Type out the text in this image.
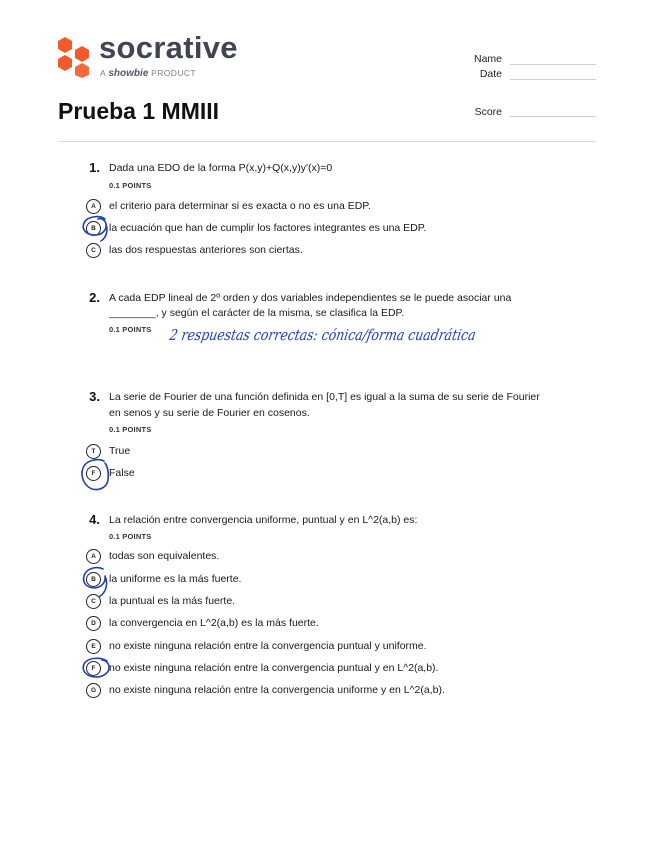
socrative
A showbie PRODUCT
Name
Date
Prueba 1 MMIII	Score
1. Dada una EDO de la forma P(x,y)+Q(x,y)y'(x)=0
0.1 POINTS
A	el criterio para determinar si es exacta o no es una EDP.
B	la ecuación que han de cumplir los factores integrantes es una EDP.
C	las dos respuestas anteriores son ciertas.
2. A cada EDP lineal de 2º orden y dos variables independientes se le puede asociar una
________, y según el carácter de la misma, se clasifica la EDP.
0.1 POINTS 2 respuestas correctas: cónica/forma cuadrática
3. La serie de Fourier de una función definida en [0,T] es igual a la suma de su serie de Fourier
en senos y su serie de Fourier en cosenos.
0.1 POINTS
T	True
F	False
4. La relación entre convergencia uniforme, puntual y en L^2(a,b) es:
0.1 POINTS
A	todas son equivalentes.
B	la uniforme es la más fuerte.
C	la puntual es la más fuerte.
D	la convergencia en L^2(a,b) es la más fuerte.
E	no existe ninguna relación entre la convergencia puntual y uniforme.
F	no existe ninguna relación entre la convergencia puntual y en L^2(a,b).
G	no existe ninguna relación entre la convergencia uniforme y en L^2(a,b).
